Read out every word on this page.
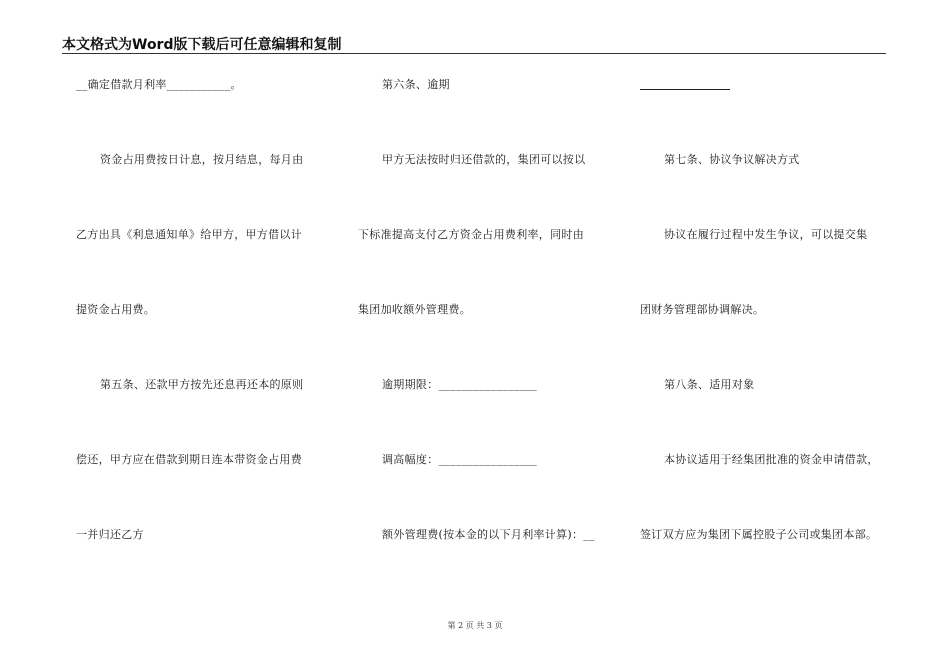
本文格式为Word版下载后可任意编辑和复制
__确定借款月利率___________。
资金占用费按日计息，按月结息，每月由
乙方出具《利息通知单》给甲方，甲方借以计
提资金占用费。
第五条、还款甲方按先还息再还本的原则
偿还，甲方应在借款到期日连本带资金占用费
一并归还乙方
第六条、逾期
甲方无法按时归还借款的，集团可以按以
下标准提高支付乙方资金占用费利率，同时由
集团加收额外管理费。
逾期期限：_________________
调高幅度：_________________
额外管理费(按本金的以下月利率计算)：__
第七条、协议争议解决方式
协议在履行过程中发生争议，可以提交集
团财务管理部协调解决。
第八条、适用对象
本协议适用于经集团批准的资金申请借款，
签订双方应为集团下属控股子公司或集团本部。
第 2 页 共 3 页
